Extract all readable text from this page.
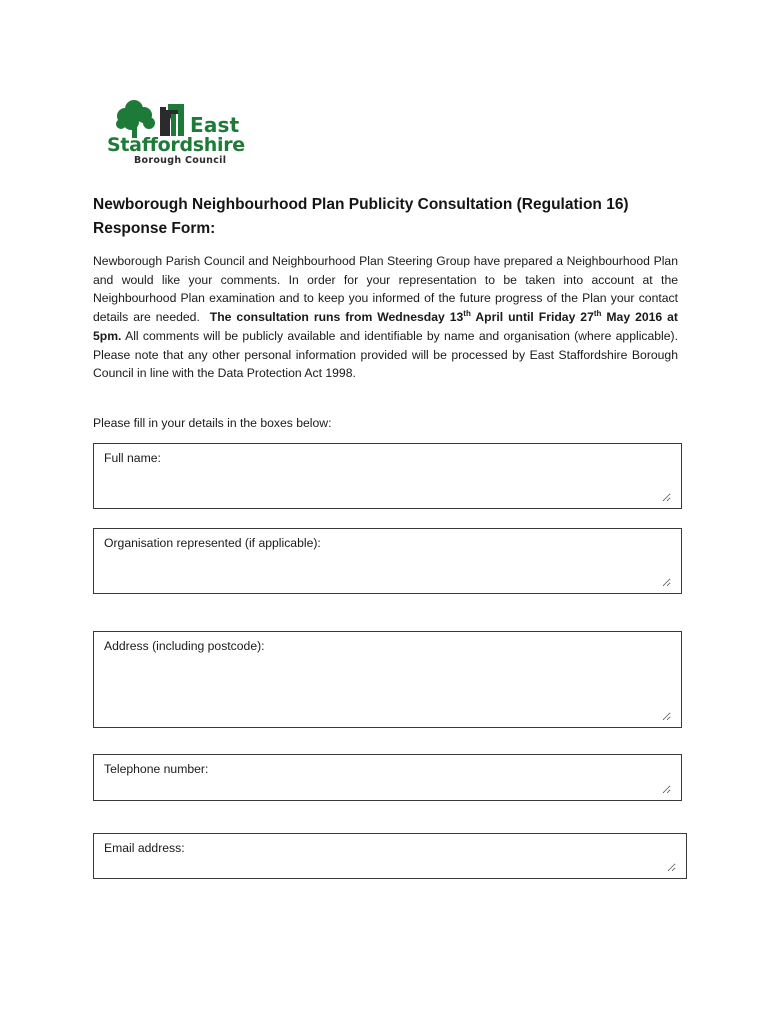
East
Staffordshire
Borough Council
Newborough Neighbourhood Plan Publicity Consultation (Regulation 16)
Response Form:
Newborough Parish Council and Neighbourhood Plan Steering Group have prepared a Neighbourhood Plan and would like your comments. In order for your representation to be taken into account at the Neighbourhood Plan examination and to keep you informed of the future progress of the Plan your contact details are needed. The consultation runs from Wednesday 13th April until Friday 27th May 2016 at 5pm. All comments will be publicly available and identifiable by name and organisation (where applicable). Please note that any other personal information provided will be processed by East Staffordshire Borough Council in line with the Data Protection Act 1998.
Please fill in your details in the boxes below:
Full name:
Organisation represented (if applicable):
Address (including postcode):
Telephone number:
Email address:
